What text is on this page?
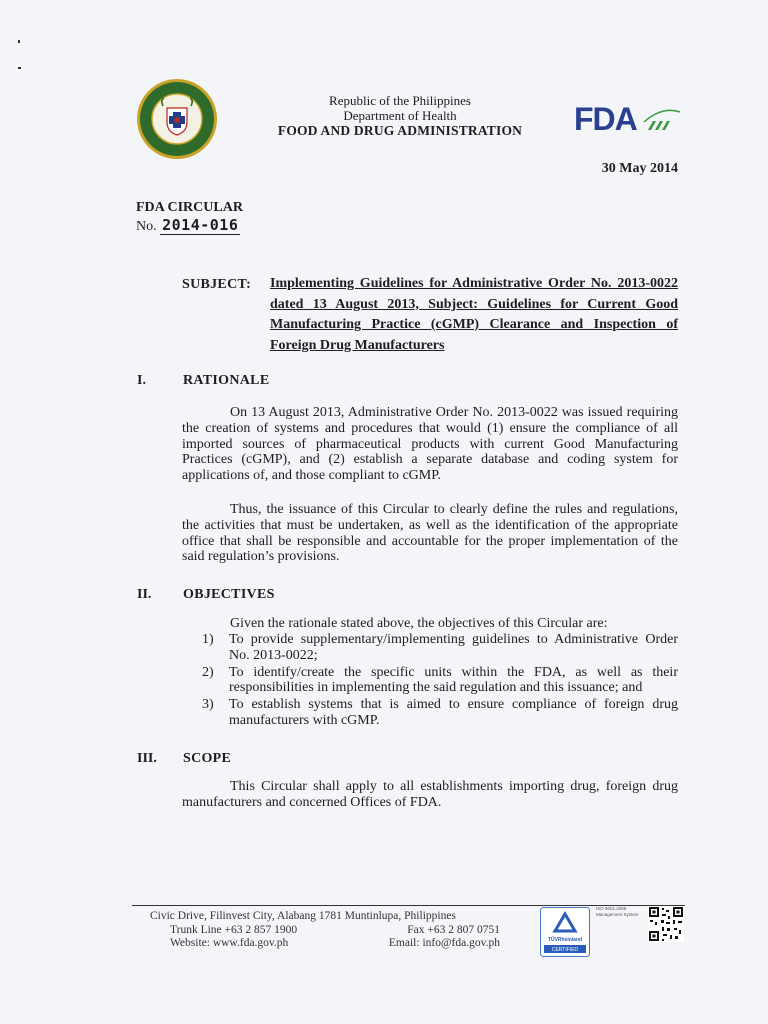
Republic of the Philippines
Department of Health
FOOD AND DRUG ADMINISTRATION	FDA
30 May 2014
FDA CIRCULAR
No. 2014-016
SUBJECT: Implementing Guidelines for Administrative Order No. 2013-0022 dated 13 August 2013, Subject: Guidelines for Current Good Manufacturing Practice (cGMP) Clearance and Inspection of Foreign Drug Manufacturers
I.	RATIONALE
On 13 August 2013, Administrative Order No. 2013-0022 was issued requiring the creation of systems and procedures that would (1) ensure the compliance of all imported sources of pharmaceutical products with current Good Manufacturing Practices (cGMP), and (2) establish a separate database and coding system for applications of, and those compliant to cGMP.
Thus, the issuance of this Circular to clearly define the rules and regulations, the activities that must be undertaken, as well as the identification of the appropriate office that shall be responsible and accountable for the proper implementation of the said regulation’s provisions.
II. OBJECTIVES
Given the rationale stated above, the objectives of this Circular are:
1) To provide supplementary/implementing guidelines to Administrative Order No. 2013-0022;
2) To identify/create the specific units within the FDA, as well as their responsibilities in implementing the said regulation and this issuance; and
3) To establish systems that is aimed to ensure compliance of foreign drug manufacturers with cGMP.
III. SCOPE
This Circular shall apply to all establishments importing drug, foreign drug manufacturers and concerned Offices of FDA.
Civic Drive, Filinvest City, Alabang 1781 Muntinlupa, Philippines
Trunk Line +63 2 857 1900	Fax +63 2 807 0751
Website: www.fda.gov.ph	Email: info@fda.gov.ph	TÜVRheinland
CERTIFIED
ISO 9001:2008 Management System
